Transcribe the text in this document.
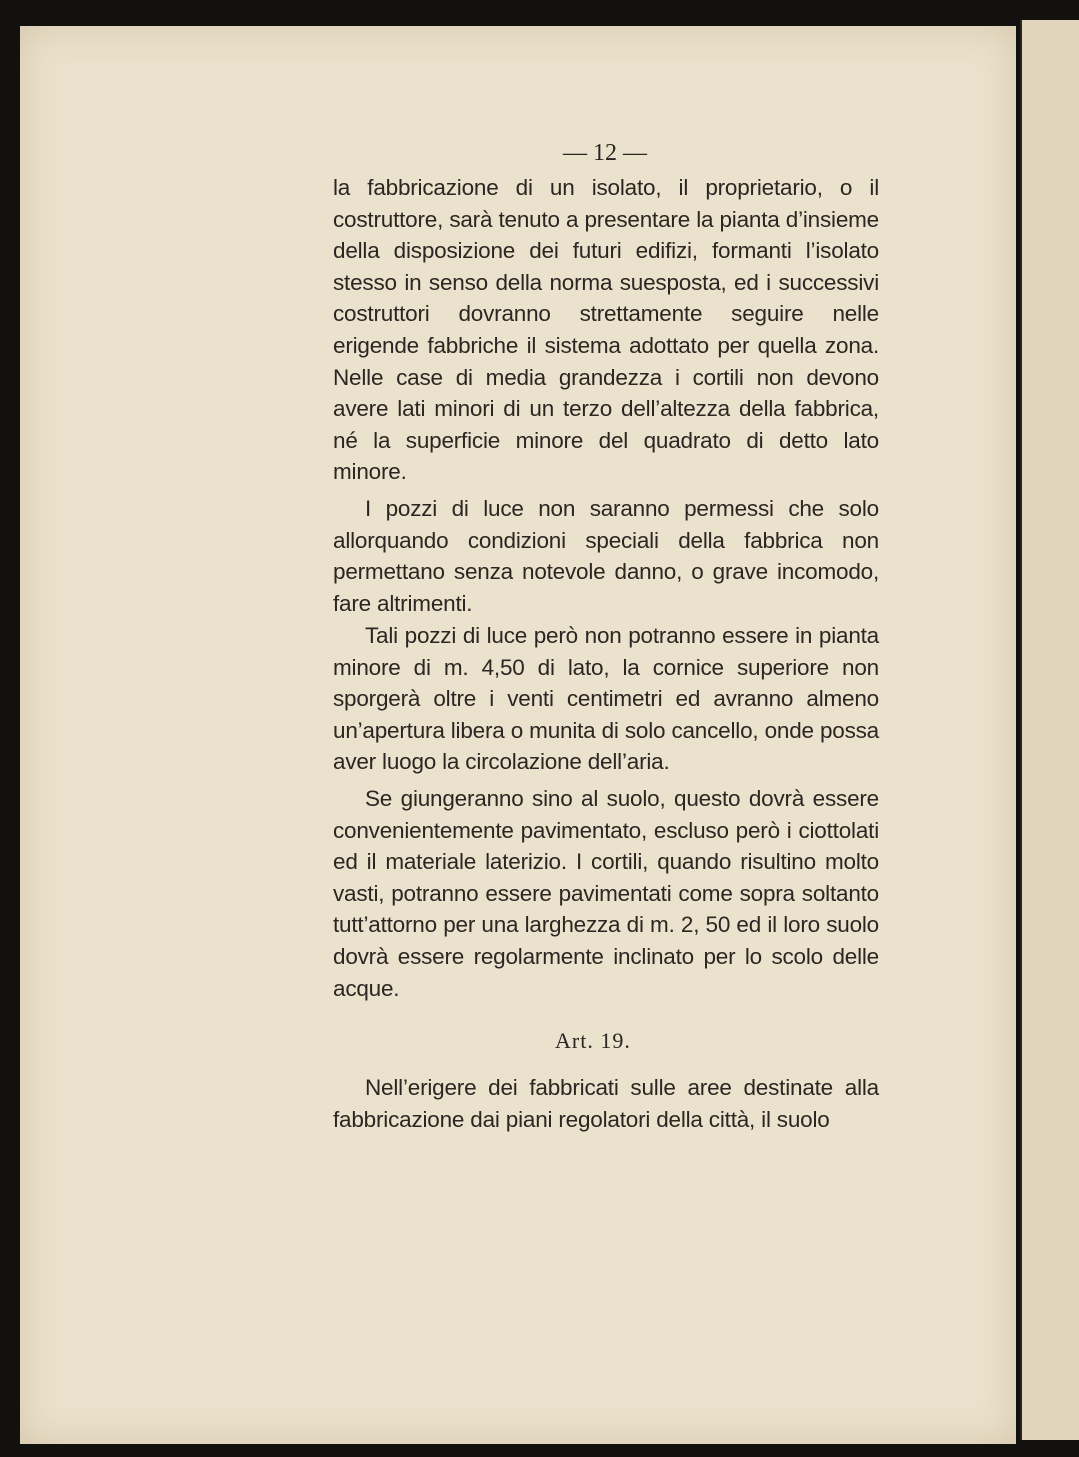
— 12 —

la fabbricazione di un isolato, il proprietario, o il costruttore, sarà tenuto a presentare la pianta d’insieme della disposizione dei futuri edifizi, formanti l’isolato stesso in senso della norma suesposta, ed i successivi costruttori dovranno strettamente seguire nelle erigende fabbriche il sistema adottato per quella zona. Nelle case di media grandezza i cortili non devono avere lati minori di un terzo dell’altezza della fabbrica, né la superficie minore del quadrato di detto lato minore.

I pozzi di luce non saranno permessi che solo allorquando condizioni speciali della fabbrica non permettano senza notevole danno, o grave incomodo, fare altrimenti.

Tali pozzi di luce però non potranno essere in pianta minore di m. 4,50 di lato, la cornice superiore non sporgerà oltre i venti centimetri ed avranno almeno un’apertura libera o munita di solo cancello, onde possa aver luogo la circolazione dell’aria.

Se giungeranno sino al suolo, questo dovrà essere convenientemente pavimentato, escluso però i ciottolati ed il materiale laterizio. I cortili, quando risultino molto vasti, potranno essere pavimentati come sopra soltanto tutt’attorno per una larghezza di m. 2, 50 ed il loro suolo dovrà essere regolarmente inclinato per lo scolo delle acque.

Art. 19.

Nell’erigere dei fabbricati sulle aree destinate alla fabbricazione dai piani regolatori della città, il suolo
